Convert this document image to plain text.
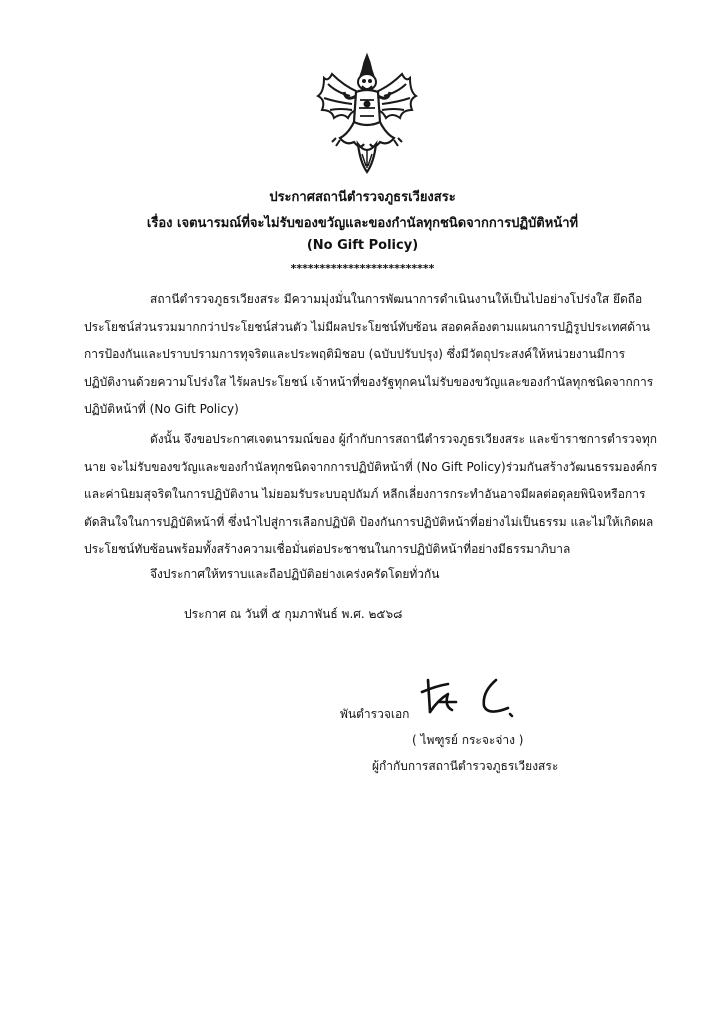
ประกาศสถานีตำรวจภูธรเวียงสระ
เรื่อง เจตนารมณ์ที่จะไม่รับของขวัญและของกำนัลทุกชนิดจากการปฏิบัติหน้าที่
(No Gift Policy)
*************************
สถานีตำรวจภูธรเวียงสระ มีความมุ่งมั่นในการพัฒนาการดำเนินงานให้เป็นไปอย่างโปร่งใส ยึดถือ
ประโยชน์ส่วนรวมมากกว่าประโยชน์ส่วนตัว ไม่มีผลประโยชน์ทับซ้อน สอดคล้องตามแผนการปฏิรูปประเทศด้าน
การป้องกันและปราบปรามการทุจริตและประพฤติมิชอบ (ฉบับปรับปรุง) ซึ่งมีวัตถุประสงค์ให้หน่วยงานมีการ
ปฏิบัติงานด้วยความโปร่งใส ไร้ผลประโยชน์ เจ้าหน้าที่ของรัฐทุกคนไม่รับของขวัญและของกำนัลทุกชนิดจากการ
ปฏิบัติหน้าที่ (No Gift Policy)
ดังนั้น จึงขอประกาศเจตนารมณ์ของ ผู้กำกับการสถานีตำรวจภูธรเวียงสระ และข้าราชการตำรวจทุก
นาย จะไม่รับของขวัญและของกำนัลทุกชนิดจากการปฏิบัติหน้าที่ (No Gift Policy)ร่วมกันสร้างวัฒนธรรมองค์กร
และค่านิยมสุจริตในการปฏิบัติงาน ไม่ยอมรับระบบอุปถัมภ์ หลีกเลี่ยงการกระทำอันอาจมีผลต่อดุลยพินิจหรือการ
ตัดสินใจในการปฏิบัติหน้าที่ ซึ่งนำไปสู่การเลือกปฏิบัติ ป้องกันการปฏิบัติหน้าที่อย่างไม่เป็นธรรม และไม่ให้เกิดผล
ประโยชน์ทับซ้อนพร้อมทั้งสร้างความเชื่อมั่นต่อประชาชนในการปฏิบัติหน้าที่อย่างมีธรรมาภิบาล
จึงประกาศให้ทราบและถือปฏิบัติอย่างเคร่งครัดโดยทั่วกัน
ประกาศ ณ วันที่ ๕ กุมภาพันธ์ พ.ศ. ๒๕๖๘
พันตำรวจเอก
( ไพฑูรย์ กระจะจ่าง )
ผู้กำกับการสถานีตำรวจภูธรเวียงสระ
